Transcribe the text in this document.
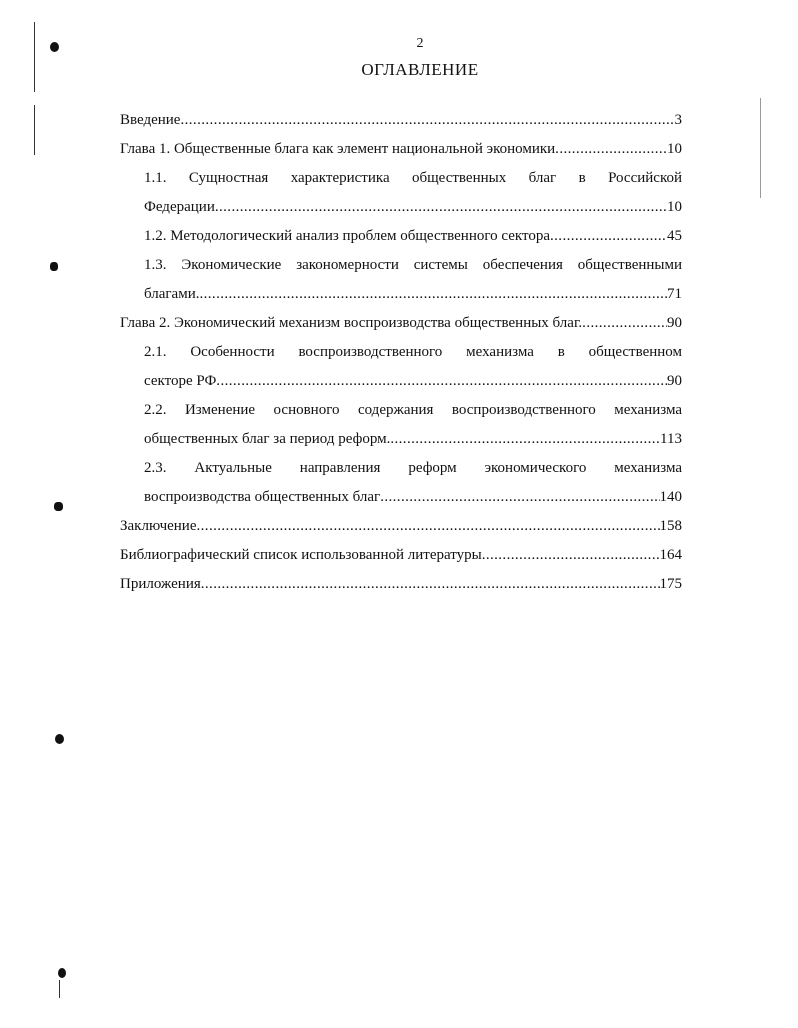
2
ОГЛАВЛЕНИЕ
Введение .....	3
Глава 1. Общественные блага как элемент национальной экономики .....	10
1.1. Сущностная характеристика общественных благ в Российской
Федерации .....	10
1.2. Методологический анализ проблем общественного сектора .....	45
1.3. Экономические закономерности системы обеспечения общественными
благами. .....	71
Глава 2. Экономический механизм воспроизводства общественных благ. .....	90
2.1. Особенности воспроизводственного механизма в общественном
секторе РФ .....	90
2.2. Изменение основного содержания воспроизводственного механизма
общественных благ за период реформ. .....	113
2.3. Актуальные направления реформ экономического механизма
воспроизводства общественных благ .....	140
Заключение .....	158
Библиографический список использованной литературы .....	164
Приложения .....	175
